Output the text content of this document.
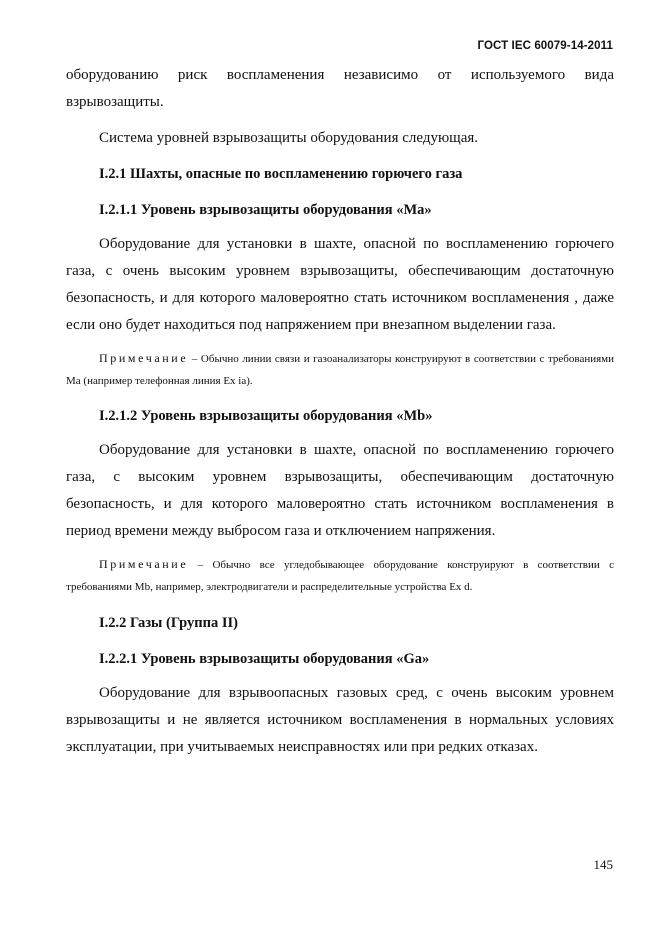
ГОСТ IEC 60079-14-2011

оборудованию риск воспламенения независимо от используемого вида взрывозащиты.

Система уровней взрывозащиты оборудования следующая.

I.2.1 Шахты, опасные по воспламенению горючего газа

I.2.1.1 Уровень взрывозащиты оборудования «Ma»

Оборудование для установки в шахте, опасной по воспламенению горючего газа, с очень высоким уровнем взрывозащиты, обеспечивающим достаточную безопасность, и для которого маловероятно стать источником воспламенения , даже если оно будет находиться под напряжением при внезапном выделении газа.

Примечание – Обычно линии связи и газоанализаторы конструируют в соответствии с требованиями Ma (например телефонная линия Ex ia).

I.2.1.2 Уровень взрывозащиты оборудования «Mb»

Оборудование для установки в шахте, опасной по воспламенению горючего газа, с высоким уровнем взрывозащиты, обеспечивающим достаточную безопасность, и для которого маловероятно стать источником воспламенения в период времени между выбросом газа и отключением напряжения.

Примечание – Обычно все угледобывающее оборудование конструируют в соответствии с требованиями Mb, например, электродвигатели и распределительные устройства Ex d.

I.2.2 Газы (Группа II)

I.2.2.1 Уровень взрывозащиты оборудования «Ga»

Оборудование для взрывоопасных газовых сред, с очень высоким уровнем взрывозащиты и не является источником воспламенения в нормальных условиях эксплуатации, при учитываемых неисправностях или при редких отказах.

145
